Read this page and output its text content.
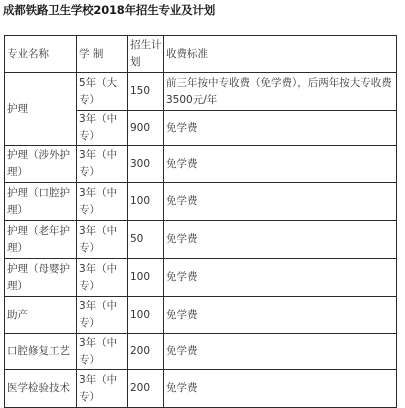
成都铁路卫生学校2018年招生专业及计划
专业名称	学 制	招生计划	收费标准
护理	5年（大专）	150	前三年按中专收费（免学费），后两年按大专收费3500元/年
	3年（中专）	900	免学费
护理（涉外护理）	3年（中专）	300	免学费
护理（口腔护理）	3年（中专）	100	免学费
护理（老年护理）	3年（中专）	50	免学费
护理（母婴护理）	3年（中专）	100	免学费
助产	3年（中专）	100	免学费
口腔修复工艺	3年（中专）	200	免学费
医学检验技术	3年（中专）	200	免学费
